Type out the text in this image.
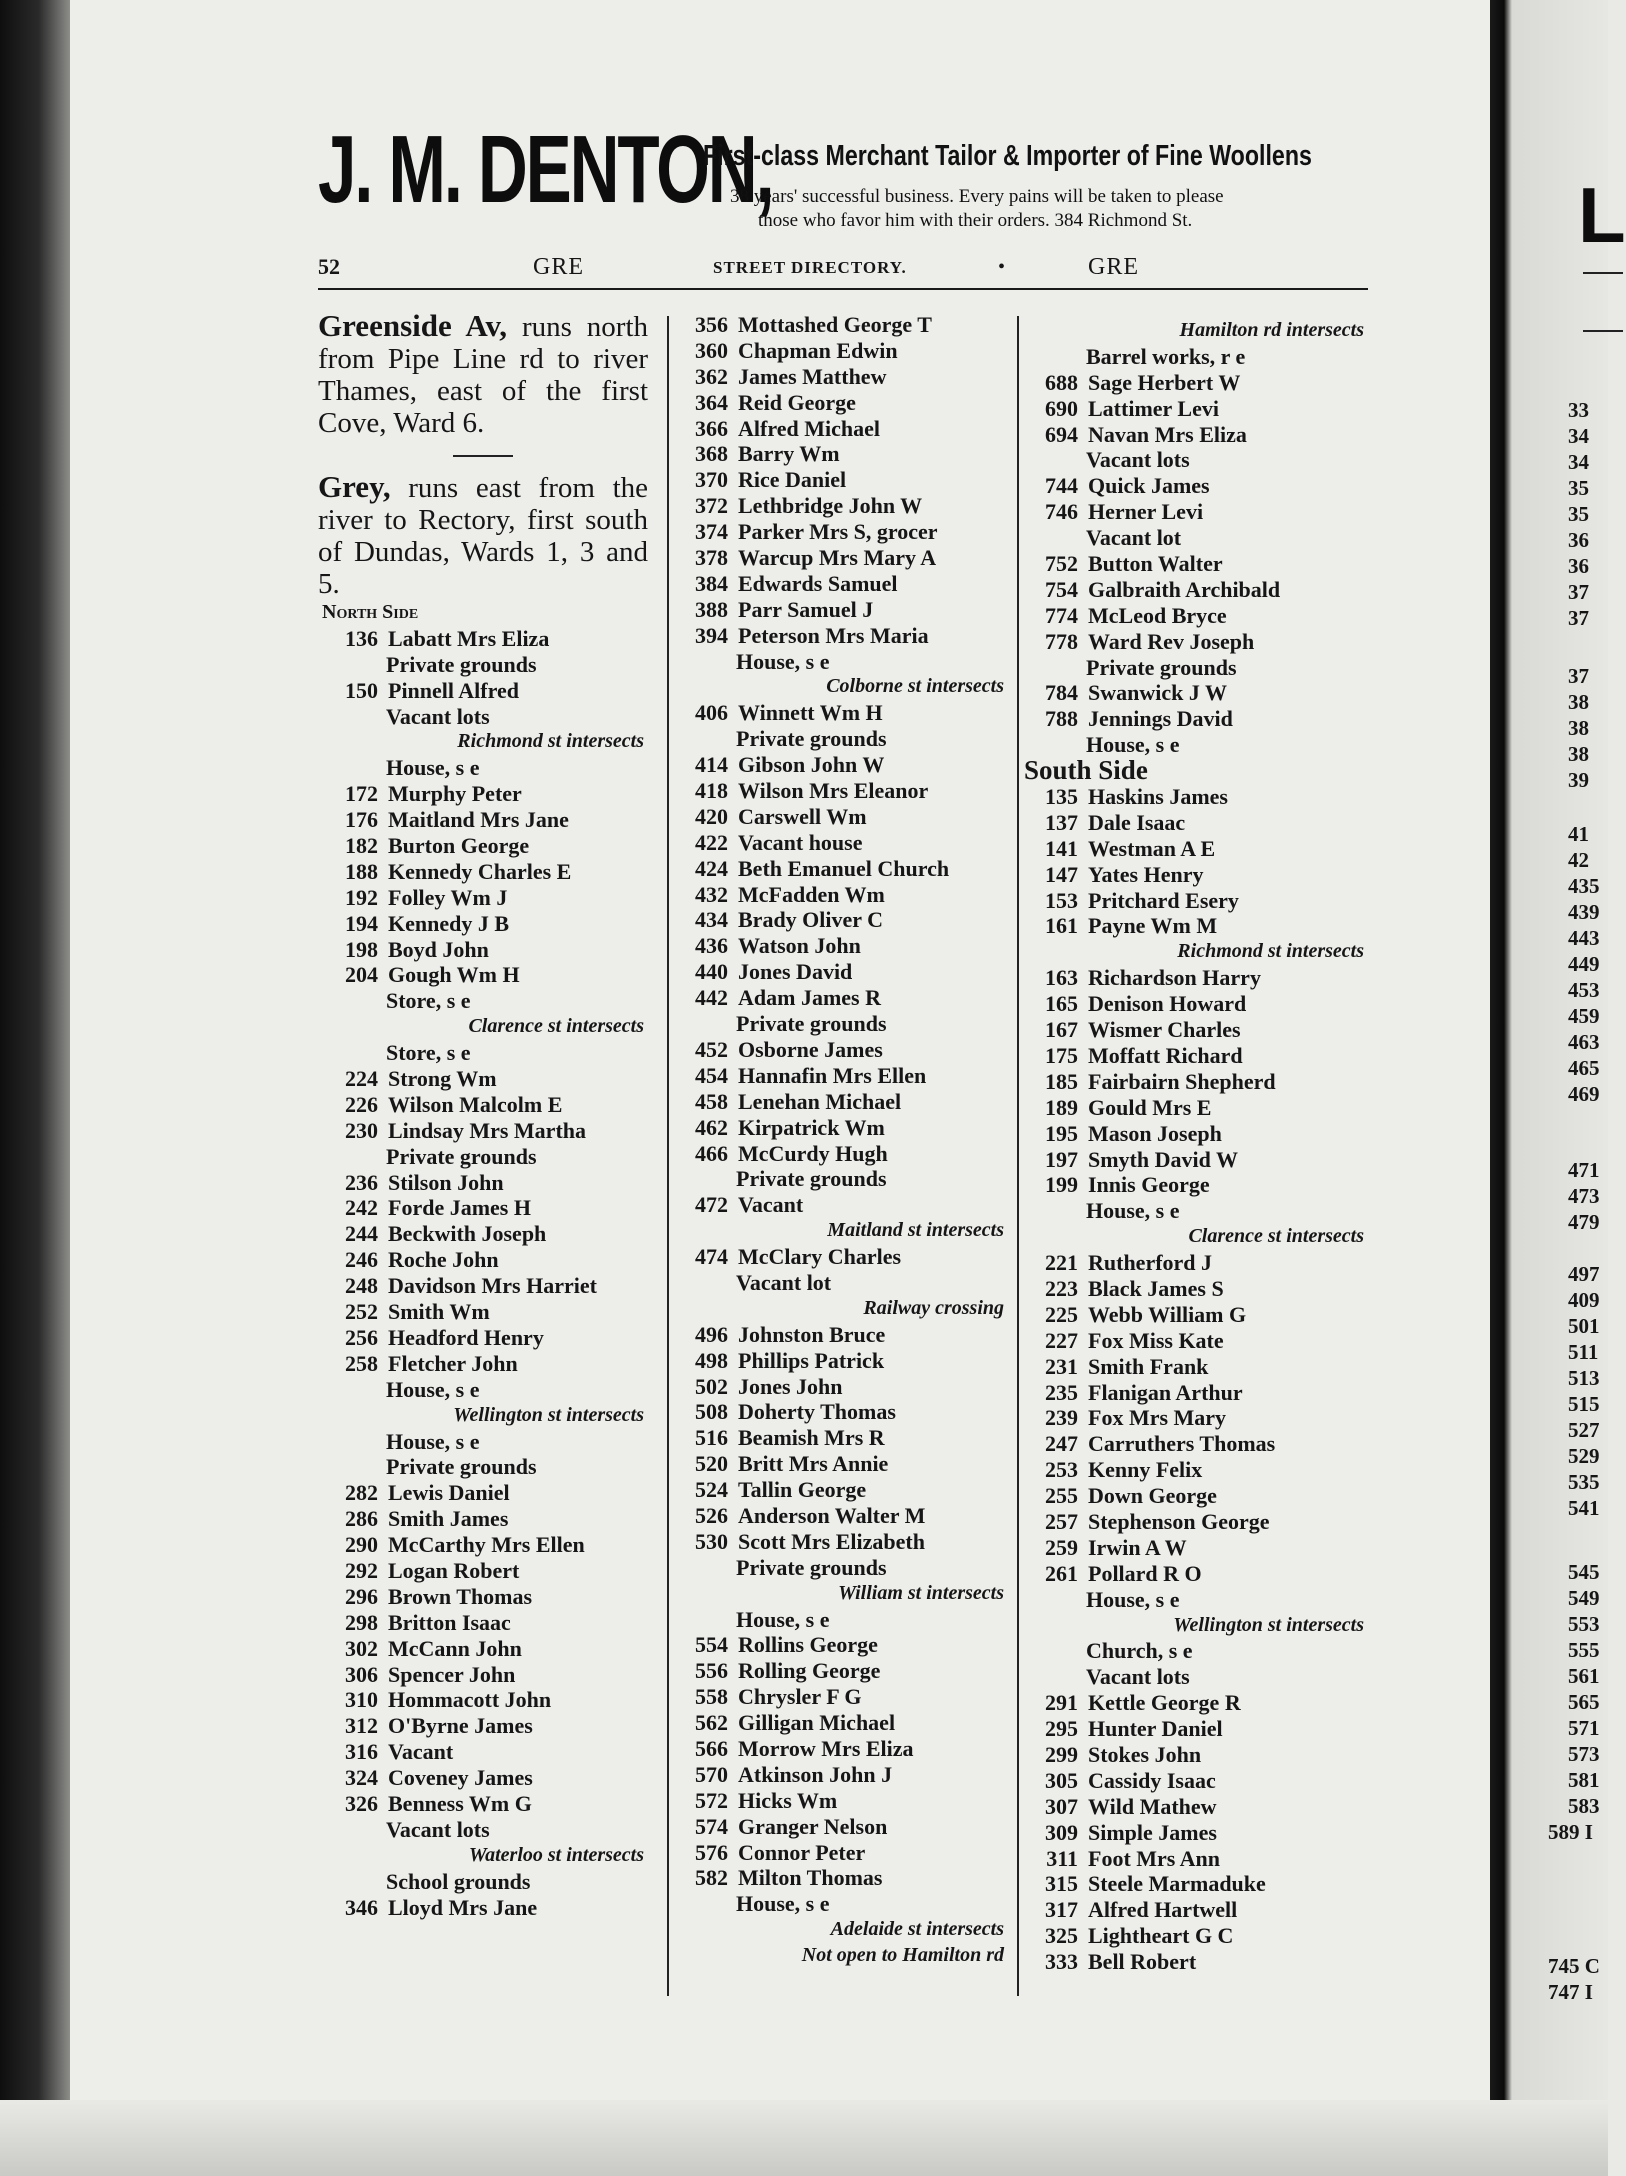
J. M. DENTON,
First-class Merchant Tailor & Importer of Fine Woollens
38 years' successful business. Every pains will be taken to please
those who favor him with their orders. 384 Richmond St.
52	GRE	STREET DIRECTORY.	•	GRE
Greenside Av, runs north from Pipe Line rd to river Thames, east of the first Cove, Ward 6.
Grey, runs east from the river to Rectory, first south of Dundas, Wards 1, 3 and 5.
North Side
136 Labatt Mrs Eliza
Private grounds
150 Pinnell Alfred
Vacant lots
Richmond st intersects
House, s e
172 Murphy Peter
176 Maitland Mrs Jane
182 Burton George
188 Kennedy Charles E
192 Folley Wm J
194 Kennedy J B
198 Boyd John
204 Gough Wm H
Store, s e
Clarence st intersects
Store, s e
224 Strong Wm
226 Wilson Malcolm E
230 Lindsay Mrs Martha
Private grounds
236 Stilson John
242 Forde James H
244 Beckwith Joseph
246 Roche John
248 Davidson Mrs Harriet
252 Smith Wm
256 Headford Henry
258 Fletcher John
House, s e
Wellington st intersects
House, s e
Private grounds
282 Lewis Daniel
286 Smith James
290 McCarthy Mrs Ellen
292 Logan Robert
296 Brown Thomas
298 Britton Isaac
302 McCann John
306 Spencer John
310 Hommacott John
312 O'Byrne James
316 Vacant
324 Coveney James
326 Benness Wm G
Vacant lots
Waterloo st intersects
School grounds
346 Lloyd Mrs Jane
356 Mottashed George T
360 Chapman Edwin
362 James Matthew
364 Reid George
366 Alfred Michael
368 Barry Wm
370 Rice Daniel
372 Lethbridge John W
374 Parker Mrs S, grocer
378 Warcup Mrs Mary A
384 Edwards Samuel
388 Parr Samuel J
394 Peterson Mrs Maria
House, s e
Colborne st intersects
406 Winnett Wm H
Private grounds
414 Gibson John W
418 Wilson Mrs Eleanor
420 Carswell Wm
422 Vacant house
424 Beth Emanuel Church
432 McFadden Wm
434 Brady Oliver C
436 Watson John
440 Jones David
442 Adam James R
Private grounds
452 Osborne James
454 Hannafin Mrs Ellen
458 Lenehan Michael
462 Kirpatrick Wm
466 McCurdy Hugh
Private grounds
472 Vacant
Maitland st intersects
474 McClary Charles
Vacant lot
Railway crossing
496 Johnston Bruce
498 Phillips Patrick
502 Jones John
508 Doherty Thomas
516 Beamish Mrs R
520 Britt Mrs Annie
524 Tallin George
526 Anderson Walter M
530 Scott Mrs Elizabeth
Private grounds
William st intersects
House, s e
554 Rollins George
556 Rolling George
558 Chrysler F G
562 Gilligan Michael
566 Morrow Mrs Eliza
570 Atkinson John J
572 Hicks Wm
574 Granger Nelson
576 Connor Peter
582 Milton Thomas
House, s e
Adelaide st intersects
Not open to Hamilton rd
Hamilton rd intersects
Barrel works, r e
688 Sage Herbert W
690 Lattimer Levi
694 Navan Mrs Eliza
Vacant lots
744 Quick James
746 Herner Levi
Vacant lot
752 Button Walter
754 Galbraith Archibald
774 McLeod Bryce
778 Ward Rev Joseph
Private grounds
784 Swanwick J W
788 Jennings David
House, s e
South Side
135 Haskins James
137 Dale Isaac
141 Westman A E
147 Yates Henry
153 Pritchard Esery
161 Payne Wm M
Richmond st intersects
163 Richardson Harry
165 Denison Howard
167 Wismer Charles
175 Moffatt Richard
185 Fairbairn Shepherd
189 Gould Mrs E
195 Mason Joseph
197 Smyth David W
199 Innis George
House, s e
Clarence st intersects
221 Rutherford J
223 Black James S
225 Webb William G
227 Fox Miss Kate
231 Smith Frank
235 Flanigan Arthur
239 Fox Mrs Mary
247 Carruthers Thomas
253 Kenny Felix
255 Down George
257 Stephenson George
259 Irwin A W
261 Pollard R O
House, s e
Wellington st intersects
Church, s e
Vacant lots
291 Kettle George R
295 Hunter Daniel
299 Stokes John
305 Cassidy Isaac
307 Wild Mathew
309 Simple James
311 Foot Mrs Ann
315 Steele Marmaduke
317 Alfred Hartwell
325 Lightheart G C
333 Bell Robert
L
33
34
34
35
35
36
36
37
37
37
38
38
38
39
41
42
435
439
443
449
453
459
463
465
469
471
473
479
497
409
501
511
513
515
527
529
535
541
545
549
553
555
561
565
571
573
581
583
589 I
745 C
747 I
